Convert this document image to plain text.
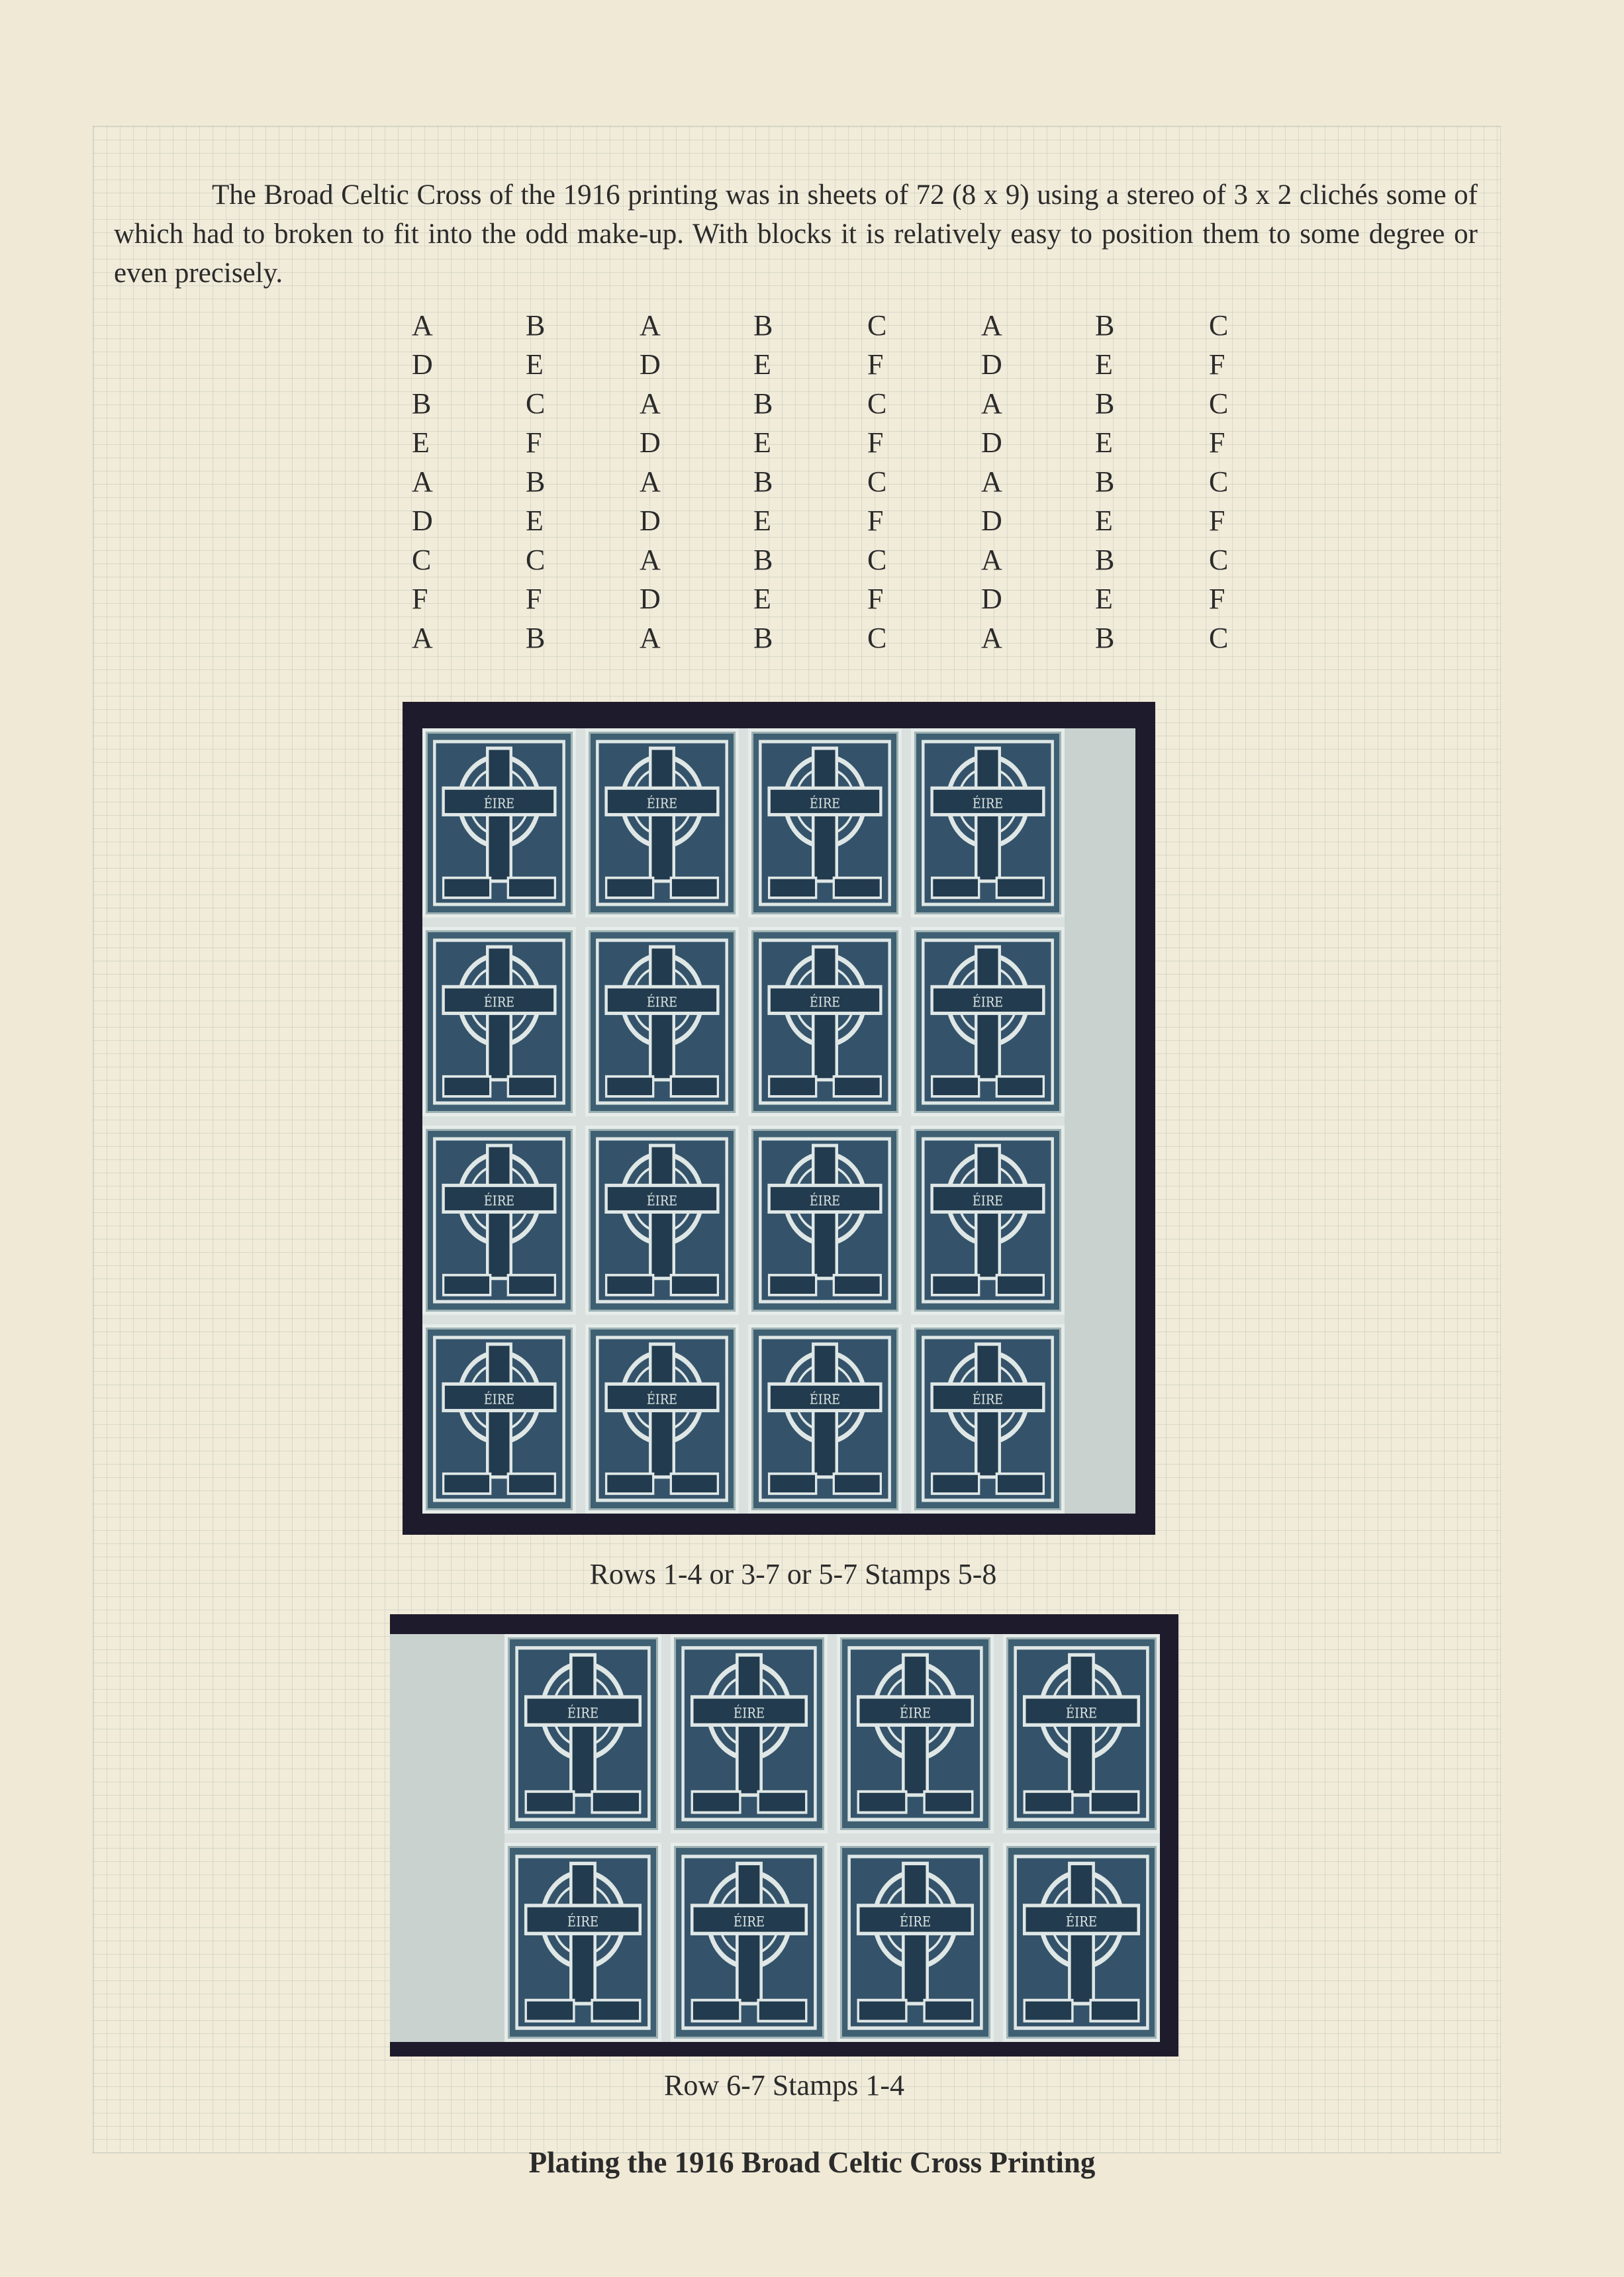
The Broad Celtic Cross of the 1916 printing was in sheets of 72 (8 x 9) using a stereo of 3 x 2 clichés some of which had to broken to fit into the odd make-up. With blocks it is relatively easy to position them to some degree or even precisely.

A	B	A	B	C	A	B	C
D	E	D	E	F	D	E	F
B	C	A	B	C	A	B	C
E	F	D	E	F	D	E	F
A	B	A	B	C	A	B	C
D	E	D	E	F	D	E	F
C	C	A	B	C	A	B	C
F	F	D	E	F	D	E	F
A	B	A	B	C	A	B	C
ÉIRE	ÉIRE	ÉIRE	ÉIRE
ÉIRE	ÉIRE	ÉIRE	ÉIRE
ÉIRE	ÉIRE	ÉIRE	ÉIRE
ÉIRE	ÉIRE	ÉIRE	ÉIRE
Rows 1-4 or 3-7 or 5-7 Stamps 5-8
ÉIRE	ÉIRE	ÉIRE	ÉIRE
ÉIRE	ÉIRE	ÉIRE	ÉIRE
Row 6-7 Stamps 1-4
Plating the 1916 Broad Celtic Cross Printing
